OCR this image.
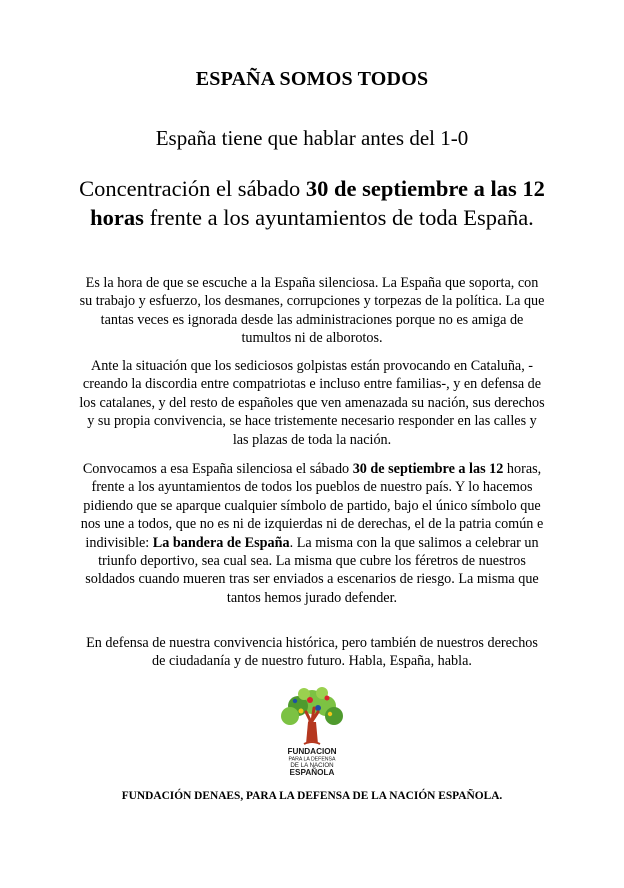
ESPAÑA SOMOS TODOS
España tiene que hablar antes del 1-0
Concentración el sábado 30 de septiembre a las 12 horas frente a los ayuntamientos de toda España.
Es la hora de que se escuche a la España silenciosa. La España que soporta, con su trabajo y esfuerzo, los desmanes, corrupciones y torpezas de la política. La que tantas veces es ignorada desde las administraciones porque no es amiga de tumultos ni de alborotos.
Ante la situación que los sediciosos golpistas están provocando en Cataluña, -creando la discordia entre compatriotas e incluso entre familias-, y en defensa de los catalanes, y del resto de españoles que ven amenazada su nación, sus derechos y su propia convivencia, se hace tristemente necesario responder en las calles y las plazas de toda la nación.
Convocamos a esa España silenciosa el sábado 30 de septiembre a las 12 horas, frente a los ayuntamientos de todos los pueblos de nuestro país. Y lo hacemos pidiendo que se aparque cualquier símbolo de partido, bajo el único símbolo que nos une a todos, que no es ni de izquierdas ni de derechas, el de la patria común e indivisible: La bandera de España. La misma con la que salimos a celebrar un triunfo deportivo, sea cual sea. La misma que cubre los féretros de nuestros soldados cuando mueren tras ser enviados a escenarios de riesgo. La misma que tantos hemos jurado defender.
En defensa de nuestra convivencia histórica, pero también de nuestros derechos de ciudadanía y de nuestro futuro. Habla, España, habla.
FUNDACION
PARA LA DEFENSA
DE LA NACION
ESPAÑOLA
FUNDACIÓN DENAES, PARA LA DEFENSA DE LA NACIÓN ESPAÑOLA.
